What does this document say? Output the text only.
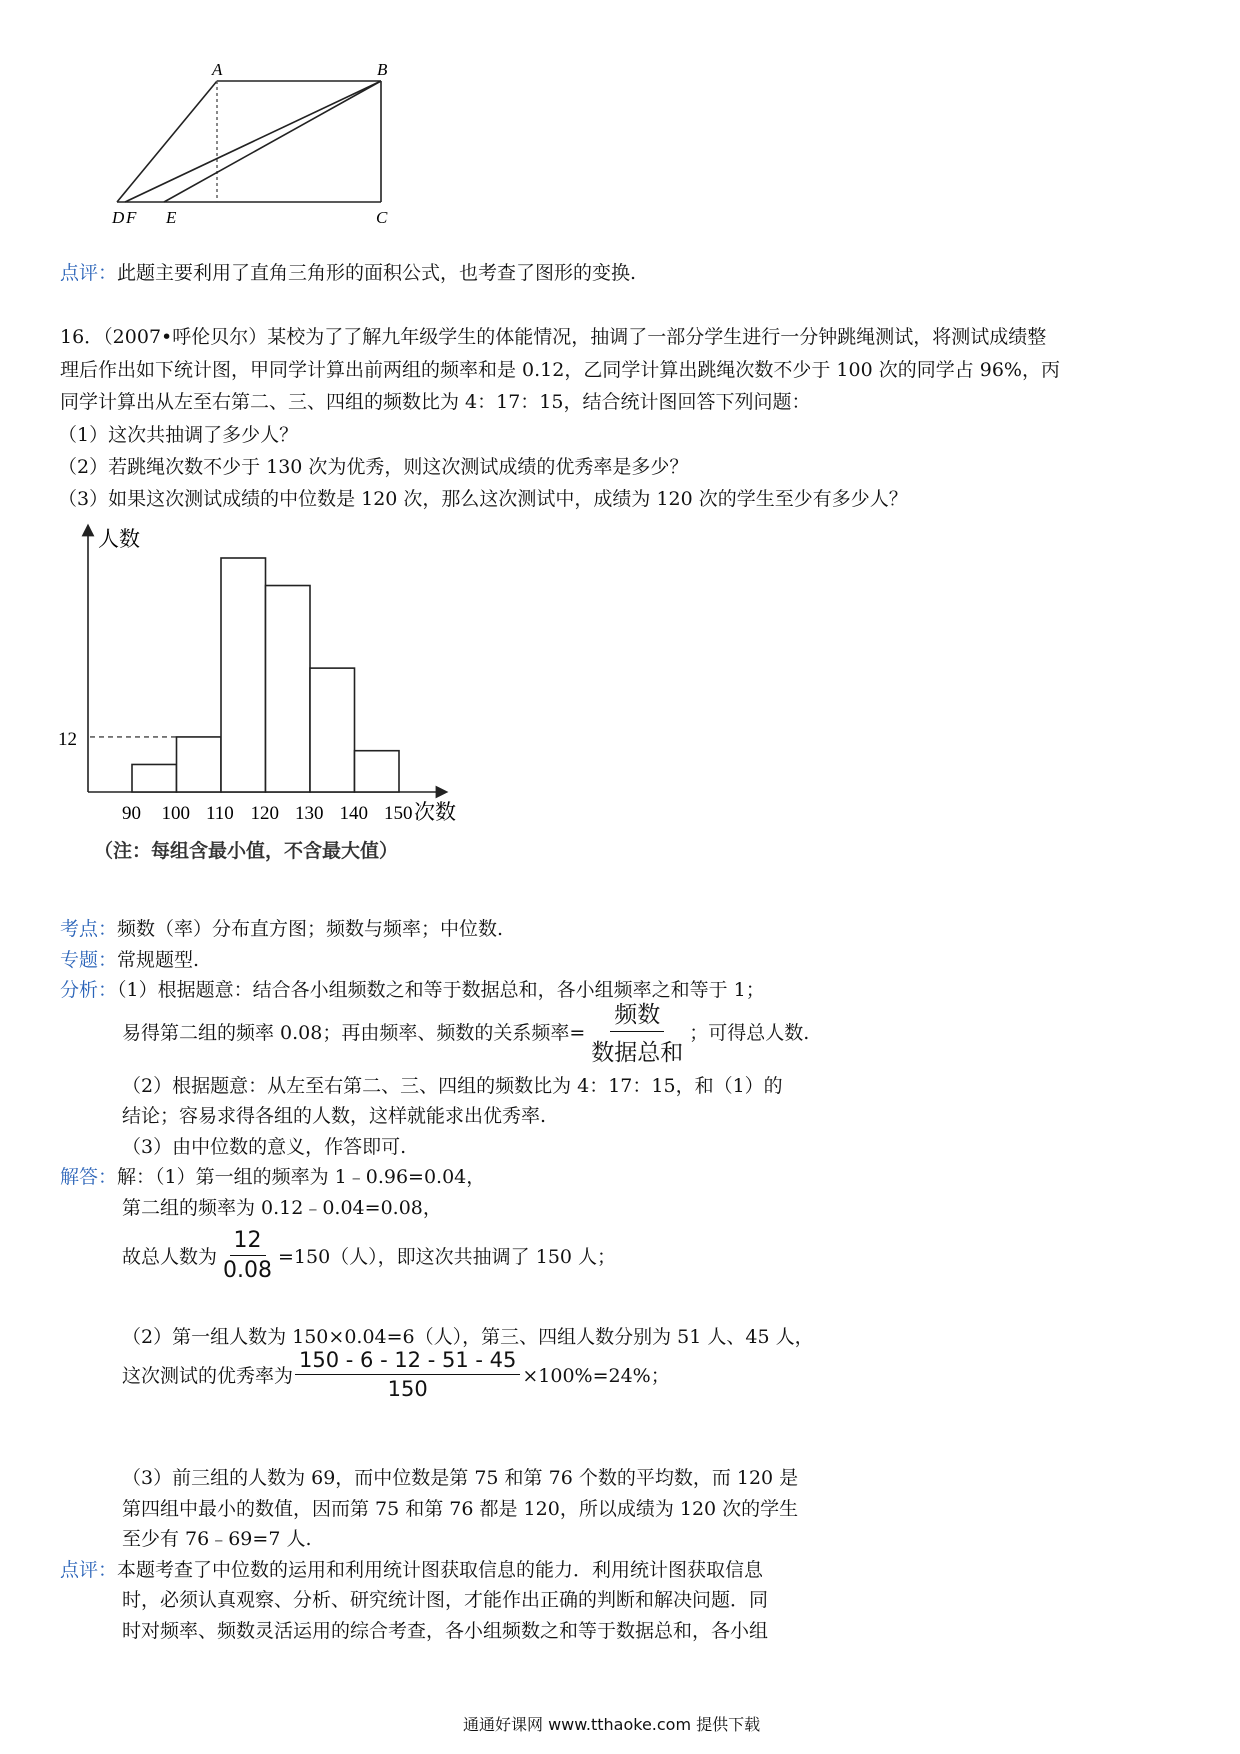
A	B
D F E	C
点评：此题主要利用了直角三角形的面积公式，也考查了图形的变换.
16．（2007•呼伦贝尔）某校为了了解九年级学生的体能情况，抽调了一部分学生进行一分钟跳绳测试，将测试成绩整
理后作出如下统计图，甲同学计算出前两组的频率和是 0.12，乙同学计算出跳绳次数不少于 100 次的同学占 96%，丙
同学计算出从左至右第二、三、四组的频数比为 4：17：15，结合统计图回答下列问题：
（1）这次共抽调了多少人？
（2）若跳绳次数不少于 130 次为优秀，则这次测试成绩的优秀率是多少？
（3）如果这次测试成绩的中位数是 120 次，那么这次测试中，成绩为 120 次的学生至少有多少人？
人数
次数
12
90 100 110 120 130 140 150
（注：每组含最小值，不含最大值）
考点：频数（率）分布直方图；频数与频率；中位数.
专题：常规题型.
分析：（1）根据题意：结合各小组频数之和等于数据总和，各小组频率之和等于 1；
易得第二组的频率 0.08；再由频率、频数的关系频率= $\frac{\text{频数}}{\text{数据总和}}$ ；可得总人数.
（2）根据题意：从左至右第二、三、四组的频数比为 4：17：15，和（1）的
结论；容易求得各组的人数，这样就能求出优秀率.
（3）由中位数的意义，作答即可.
解答：解：（1）第一组的频率为 1﹣0.96=0.04，
第二组的频率为 0.12﹣0.04=0.08，
故总人数为 $\frac{12}{0.08} =150$（人），即这次共抽调了 150 人；
（2）第一组人数为 150×0.04=6（人），第三、四组人数分别为 51 人、45 人，
这次测试的优秀率为 $\frac{150 - 6 - 12 - 51 - 45}{150} \times 100\%=24\%$；
（3）前三组的人数为 69，而中位数是第 75 和第 76 个数的平均数，而 120 是
第四组中最小的数值，因而第 75 和第 76 都是 120，所以成绩为 120 次的学生
至少有 76﹣69=7 人.
点评：本题考查了中位数的运用和利用统计图获取信息的能力．利用统计图获取信息
时，必须认真观察、分析、研究统计图，才能作出正确的判断和解决问题．同
时对频率、频数灵活运用的综合考查，各小组频数之和等于数据总和，各小组
通通好课网 www.tthaoke.com 提供下载
